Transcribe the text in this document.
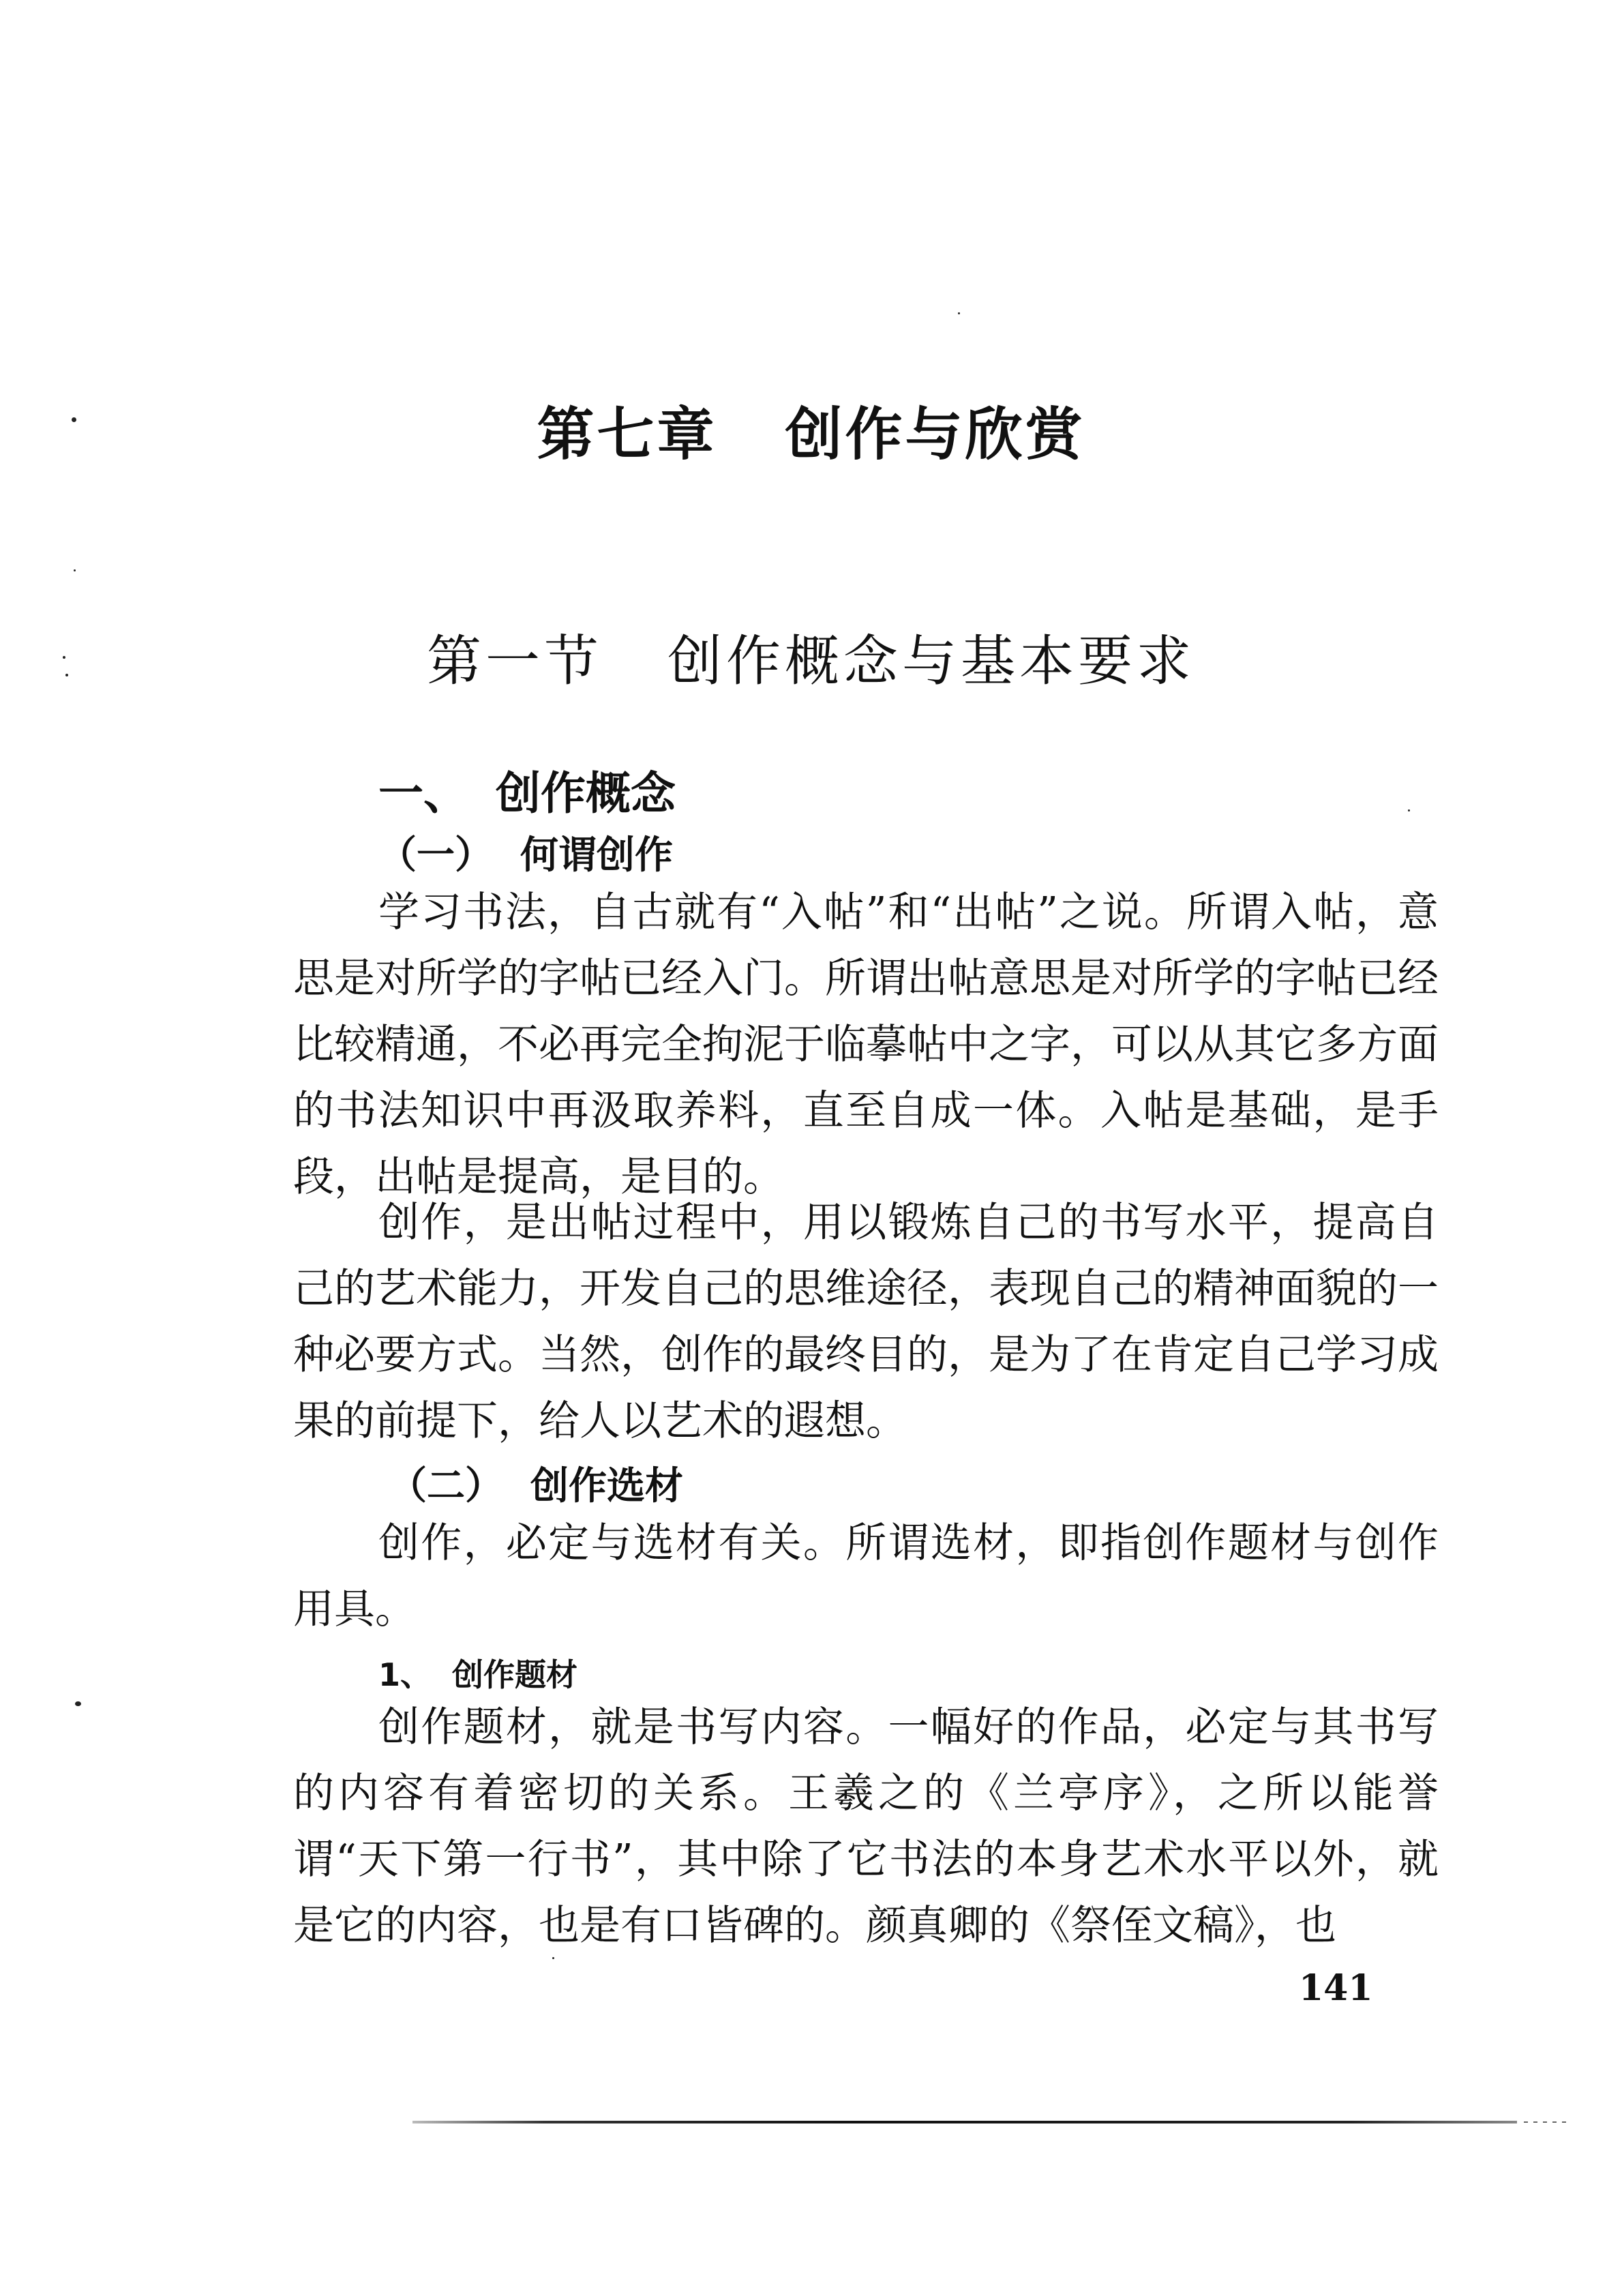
第七章 创作与欣赏
第一节 创作概念与基本要求
一、 创作概念
（一） 何谓创作

学习书法，自古就有“入帖”和“出帖”之说。所谓入帖，意思是对所学的字帖已经入门。所谓出帖意思是对所学的字帖已经比较精通，不必再完全拘泥于临摹帖中之字，可以从其它多方面的书法知识中再汲取养料，直至自成一体。入帖是基础，是手段，出帖是提高，是目的。

创作，是出帖过程中，用以锻炼自己的书写水平，提高自己的艺术能力，开发自己的思维途径，表现自己的精神面貌的一种必要方式。当然，创作的最终目的，是为了在肯定自己学习成果的前提下，给人以艺术的遐想。

（二） 创作选材

创作，必定与选材有关。所谓选材，即指创作题材与创作用具。

1、 创作题材

创作题材，就是书写内容。一幅好的作品，必定与其书写的内容有着密切的关系。王羲之的《兰亭序》，之所以能誉谓“天下第一行书”，其中除了它书法的本身艺术水平以外，就是它的内容，也是有口皆碑的。颜真卿的《祭侄文稿》，也

141
